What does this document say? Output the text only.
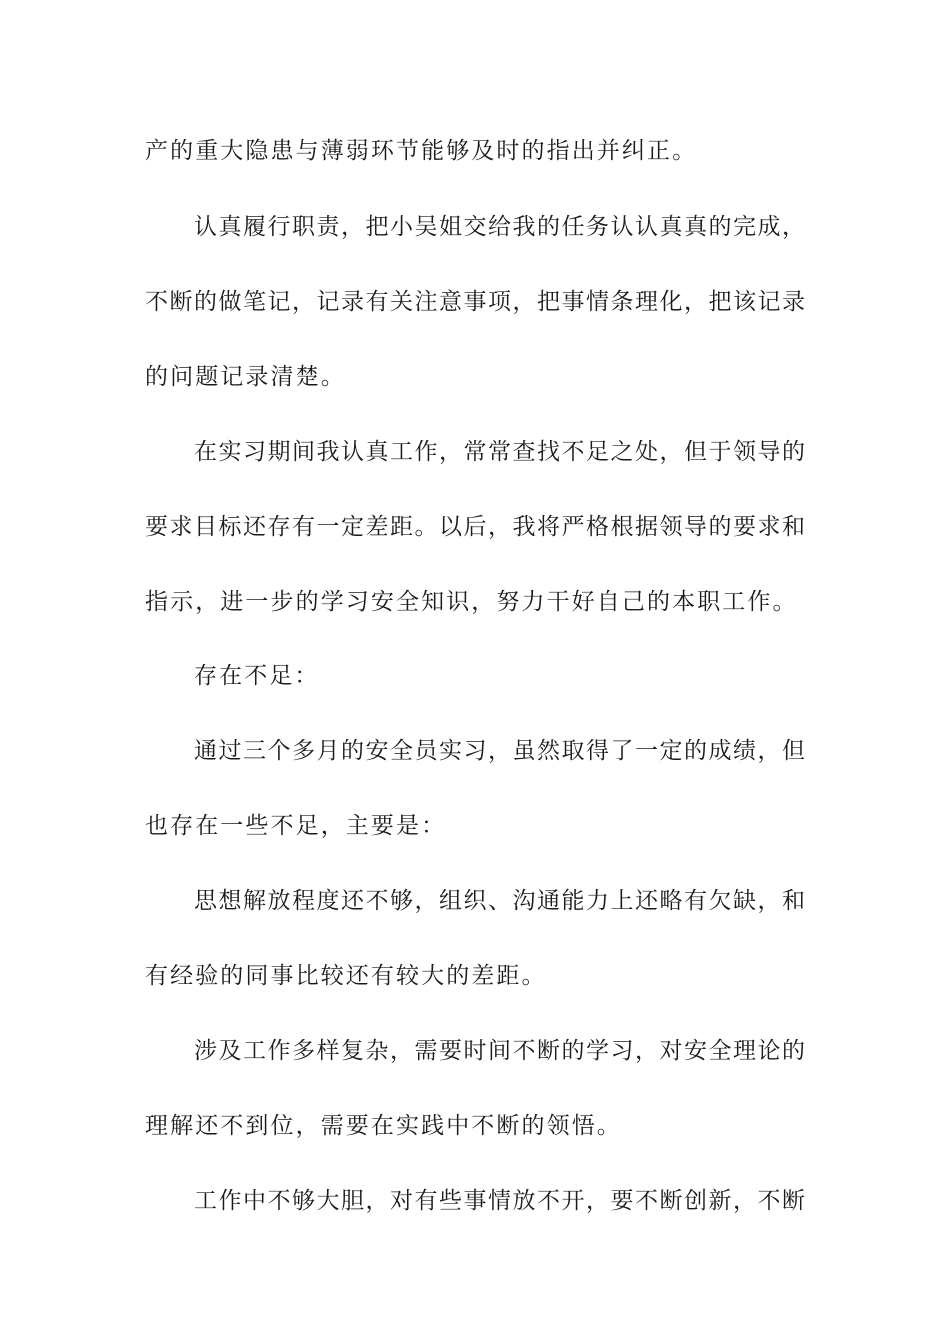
产的重大隐患与薄弱环节能够及时的指出并纠正。
认真履行职责，把小吴姐交给我的任务认认真真的完成，
不断的做笔记，记录有关注意事项，把事情条理化，把该记录
的问题记录清楚。
在实习期间我认真工作，常常查找不足之处，但于领导的
要求目标还存有一定差距。以后，我将严格根据领导的要求和
指示，进一步的学习安全知识，努力干好自己的本职工作。
存在不足：
通过三个多月的安全员实习，虽然取得了一定的成绩，但
也存在一些不足，主要是：
思想解放程度还不够，组织、沟通能力上还略有欠缺，和
有经验的同事比较还有较大的差距。
涉及工作多样复杂，需要时间不断的学习，对安全理论的
理解还不到位，需要在实践中不断的领悟。
工作中不够大胆，对有些事情放不开，要不断创新，不断
